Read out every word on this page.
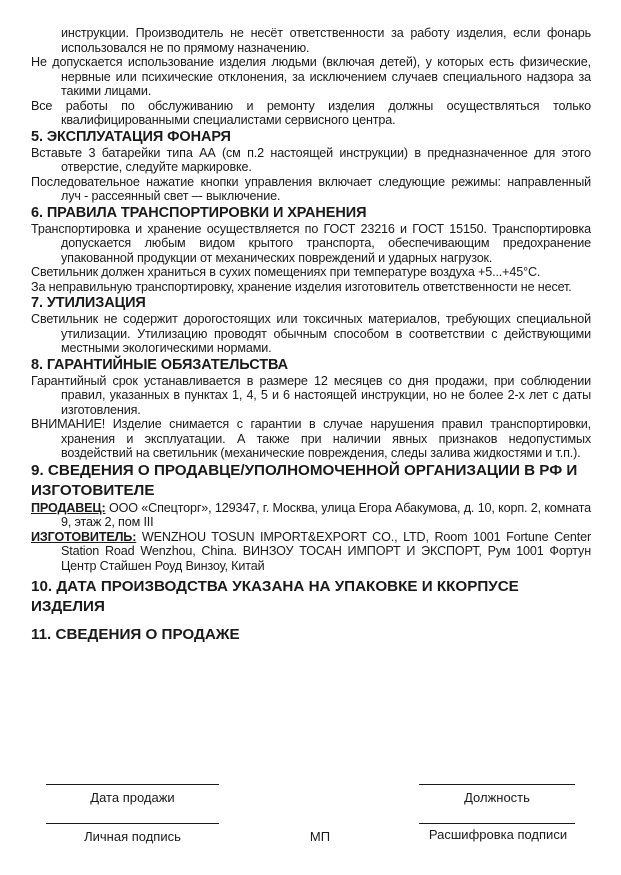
инструкции. Производитель не несёт ответственности за работу изделия, если фонарь использовался не по прямому назначению.

Не допускается использование изделия людьми (включая детей), у которых есть физические, нервные или психические отклонения, за исключением случаев специального надзора за такими лицами.

Все работы по обслуживанию и ремонту изделия должны осуществляться только квалифицированными специалистами сервисного центра.

5. ЭКСПЛУАТАЦИЯ ФОНАРЯ

Вставьте 3 батарейки типа АА (см п.2 настоящей инструкции) в предназначенное для этого отверстие, следуйте маркировке.

Последовательное нажатие кнопки управления включает следующие режимы: направленный луч - рассеянный свет –- выключение.

6. ПРАВИЛА ТРАНСПОРТИРОВКИ И ХРАНЕНИЯ

Транспортировка и хранение осуществляется по ГОСТ 23216 и ГОСТ 15150. Транспортировка допускается любым видом крытого транспорта, обеспечивающим предохранение упакованной продукции от механических повреждений и ударных нагрузок.

Светильник должен храниться в сухих помещениях при температуре воздуха +5...+45°С.

За неправильную транспортировку, хранение изделия изготовитель ответственности не несет.

7. УТИЛИЗАЦИЯ

Светильник не содержит дорогостоящих или токсичных материалов, требующих специальной утилизации. Утилизацию проводят обычным способом в соответствии с действующими местными экологическими нормами.

8. ГАРАНТИЙНЫЕ ОБЯЗАТЕЛЬСТВА

Гарантийный срок устанавливается в размере 12 месяцев со дня продажи, при соблюдении правил, указанных в пунктах 1, 4, 5 и 6 настоящей инструкции, но не более 2-х лет с даты изготовления.

ВНИМАНИЕ! Изделие снимается с гарантии в случае нарушения правил транспортировки, хранения и эксплуатации. А также при наличии явных признаков недопустимых воздействий на светильник (механические повреждения, следы залива жидкостями и т.п.).

9. СВЕДЕНИЯ О ПРОДАВЦЕ/УПОЛНОМОЧЕННОЙ ОРГАНИЗАЦИИ В РФ И ИЗГОТОВИТЕЛЕ

ПРОДАВЕЦ: ООО «Спецторг», 129347, г. Москва, улица Егора Абакумова, д. 10, корп. 2, комната 9, этаж 2, пом III

ИЗГОТОВИТЕЛЬ: WENZHOU TOSUN IMPORT&EXPORT CO., LTD, Room 1001 Fortune Center Station Road Wenzhou, China. ВИНЗОУ ТОСАН ИМПОРТ И ЭКСПОРТ, Рум 1001 Фортун Центр Стайшен Роуд Винзоу, Китай

10. ДАТА ПРОИЗВОДСТВА УКАЗАНА НА УПАКОВКЕ И ККОРПУСЕ ИЗДЕЛИЯ
11. СВЕДЕНИЯ О ПРОДАЖЕ
Дата продажи	Должность
Личная подпись	МП	Расшифровка подписи
